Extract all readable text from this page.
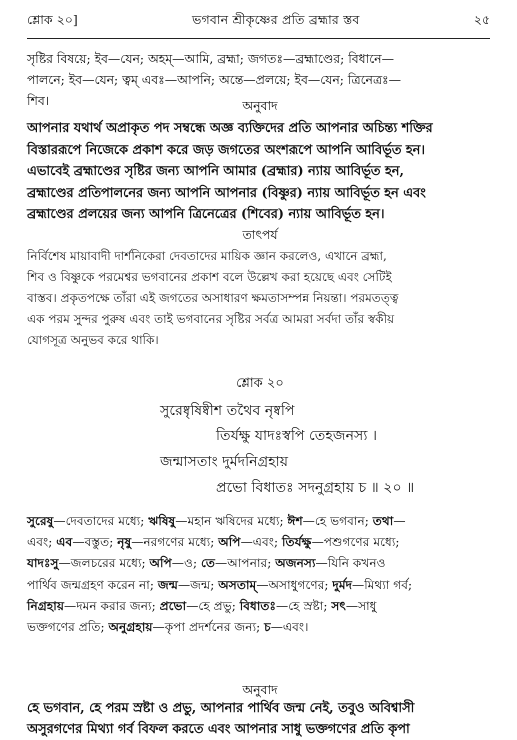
শ্লোক ২০]	ভগবান শ্রীকৃষ্ণের প্রতি ব্রহ্মার স্তব	২৫
সৃষ্টির বিষয়ে; ইব—যেন; অহম্—আমি, ব্রহ্মা; জগতঃ—ব্রহ্মাণ্ডের; বিধানে—
পালনে; ইব—যেন; ত্বম্ এবঃ—আপনি; অন্তে—প্রলয়ে; ইব—যেন; ত্রিনেত্রঃ—
শিব।	অনুবাদ
আপনার যথার্থ অপ্রাকৃত পদ সম্বন্ধে অজ্ঞ ব্যক্তিদের প্রতি আপনার অচিন্ত্য শক্তির
বিস্তাররূপে নিজেকে প্রকাশ করে জড় জগতের অংশরূপে আপনি আবির্ভূত হন।
এভাবেই ব্রহ্মাণ্ডের সৃষ্টির জন্য আপনি আমার (ব্রহ্মার) ন্যায় আবির্ভূত হন,
ব্রহ্মাণ্ডের প্রতিপালনের জন্য আপনি আপনার (বিষ্ণুর) ন্যায় আবির্ভূত হন এবং
ব্রহ্মাণ্ডের প্রলয়ের জন্য আপনি ত্রিনেত্রের (শিবের) ন্যায় আবির্ভূত হন।
তাৎপর্য
নির্বিশেষ মায়াবাদী দার্শনিকেরা দেবতাদের মায়িক জ্ঞান করলেও, এখানে ব্রহ্মা,
শিব ও বিষ্ণুকে পরমেশ্বর ভগবানের প্রকাশ বলে উল্লেখ করা হয়েছে এবং সেটিই
বাস্তব। প্রকৃতপক্ষে তাঁরা এই জগতের অসাধারণ ক্ষমতাসম্পন্ন নিয়ন্তা। পরমতত্ত্ব
এক পরম সুন্দর পুরুষ এবং তাই ভগবানের সৃষ্টির সর্বত্র আমরা সর্বদা তাঁর স্বকীয়
যোগসূত্র অনুভব করে থাকি।
শ্লোক ২০
সুরেষ্বৃষিষ্বীশ তথৈব নৃষ্বপি
তির্যক্ষু যাদঃস্বপি তেহজনস্য ।
জন্মাসতাং দুর্মদনিগ্রহায়
প্রভো বিধাতঃ সদনুগ্রহায় চ ॥ ২০ ॥
সুরেষু—দেবতাদের মধ্যে; ঋষিষু—মহান ঋষিদের মধ্যে; ঈশ—হে ভগবান; তথা—
এবং; এব—বস্তুত; নৃষু—নরগণের মধ্যে; অপি—এবং; তির্যক্ষু—পশুগণের মধ্যে;
যাদঃসু—জলচরের মধ্যে; অপি—ও; তে—আপনার; অজনস্য—যিনি কখনও
পার্থিব জন্মগ্রহণ করেন না; জন্ম—জন্ম; অসতাম্—অসাধুগণের; দুর্মদ—মিথ্যা গর্ব;
নিগ্রহায়—দমন করার জন্য; প্রভো—হে প্রভু; বিধাতঃ—হে স্রষ্টা; সৎ—সাধু
ভক্তগণের প্রতি; অনুগ্রহায়—কৃপা প্রদর্শনের জন্য; চ—এবং।
অনুবাদ
হে ভগবান, হে পরম স্রষ্টা ও প্রভু, আপনার পার্থিব জন্ম নেই, তবুও অবিশ্বাসী
অসুরগণের মিথ্যা গর্ব বিফল করতে এবং আপনার সাধু ভক্তগণের প্রতি কৃপা
